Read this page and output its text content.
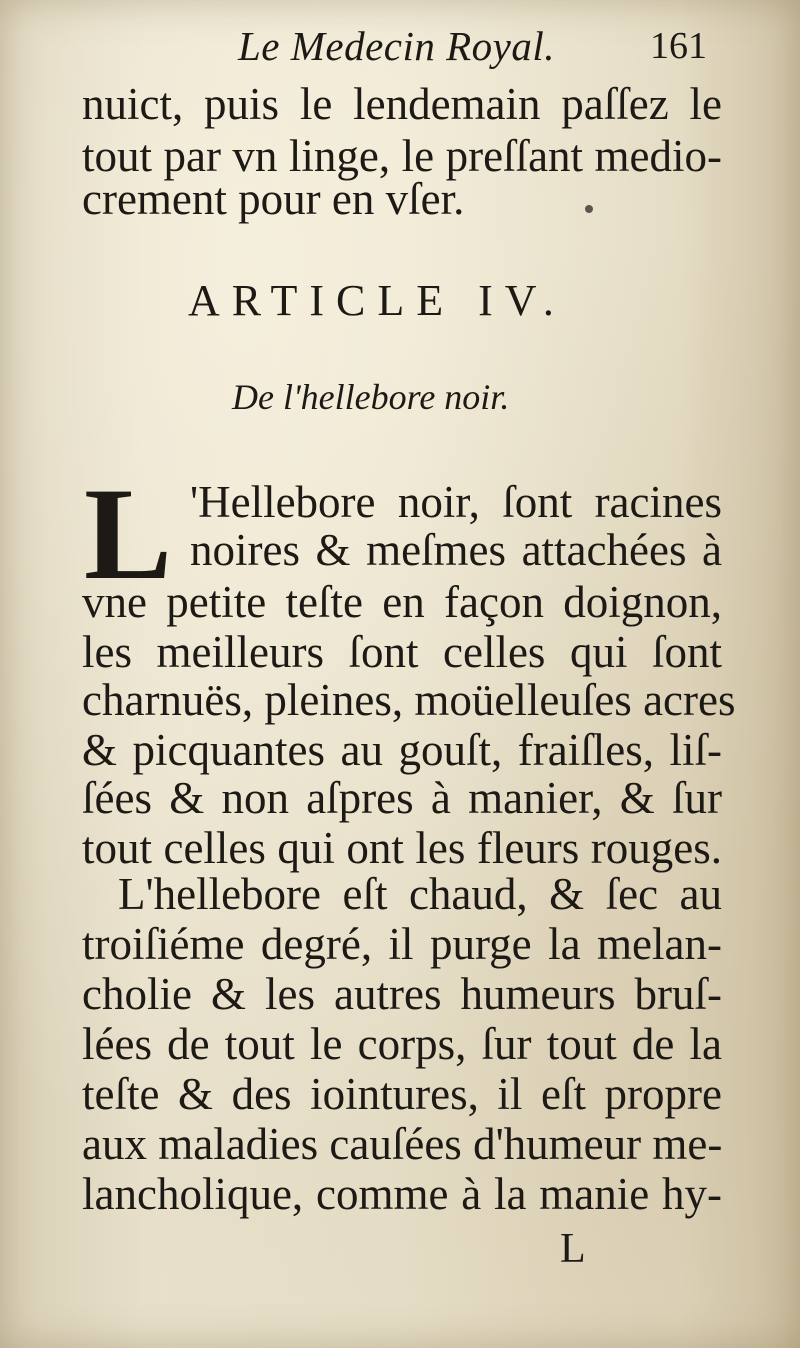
Le Medecin Royal. 161
nuict, puis le lendemain paſſez le
tout par vn linge, le preſſant medio-
crement pour en vſer.
ARTICLE IV.
De l'hellebore noir.
L 'Hellebore noir, ſont racines
noires & meſmes attachées à
vne petite teſte en façon doignon,
les meilleurs ſont celles qui ſont
charnuës, pleines, moüelleuſes acres
& picquantes au gouſt, fraiſles, liſ-
ſées & non aſpres à manier, & ſur
tout celles qui ont les fleurs rouges.
L'hellebore eſt chaud, & ſec au
troiſiéme degré, il purge la melan-
cholie & les autres humeurs bruſ-
lées de tout le corps, ſur tout de la
teſte & des iointures, il eſt propre
aux maladies cauſées d'humeur me-
lancholique, comme à la manie hy-
L
